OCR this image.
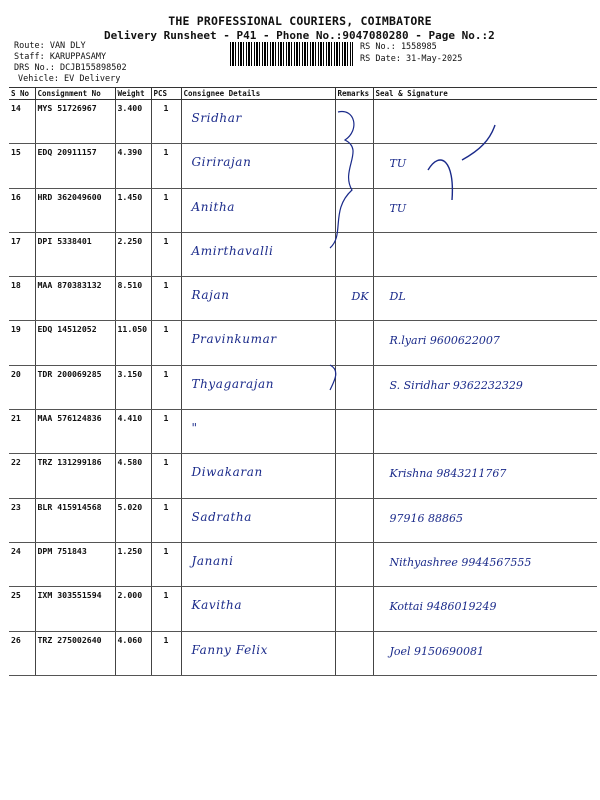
THE PROFESSIONAL COURIERS, COIMBATORE
Delivery Runsheet - P41 - Phone No.:9047080280 - Page No.:2
Route: VAN DLY
Staff: KARUPPASAMY
DRS No.: DCJB155898502
Vehicle: EV Delivery
RS No.: 1558985
RS Date: 31-May-2025
S No	Consignment No	Weight	PCS	Consignee Details	Remarks	Seal & Signature
14	MYS 51726967	3.400	1	Sridhar		
15	EDQ 20911157	4.390	1	Girirajan		TU
16	HRD 362049600	1.450	1	Anitha		TU
17	DPI 5338401	2.250	1	Amirthavalli		
18	MAA 870383132	8.510	1	Rajan	DK	DL
19	EDQ 14512052	11.050	1	Pravinkumar		R.lyari 9600622007
20	TDR 200069285	3.150	1	Thyagarajan		S. Siridhar 9362232329
21	MAA 576124836	4.410	1	"		
22	TRZ 131299186	4.580	1	Diwakaran		Krishna 9843211767
23	BLR 415914568	5.020	1	Sadratha		97916 88865
24	DPM 751843	1.250	1	Janani		Nithyashree 9944567555
25	IXM 303551594	2.000	1	Kavitha		Kottai 9486019249
26	TRZ 275002640	4.060	1	Fanny Felix		Joel 9150690081
